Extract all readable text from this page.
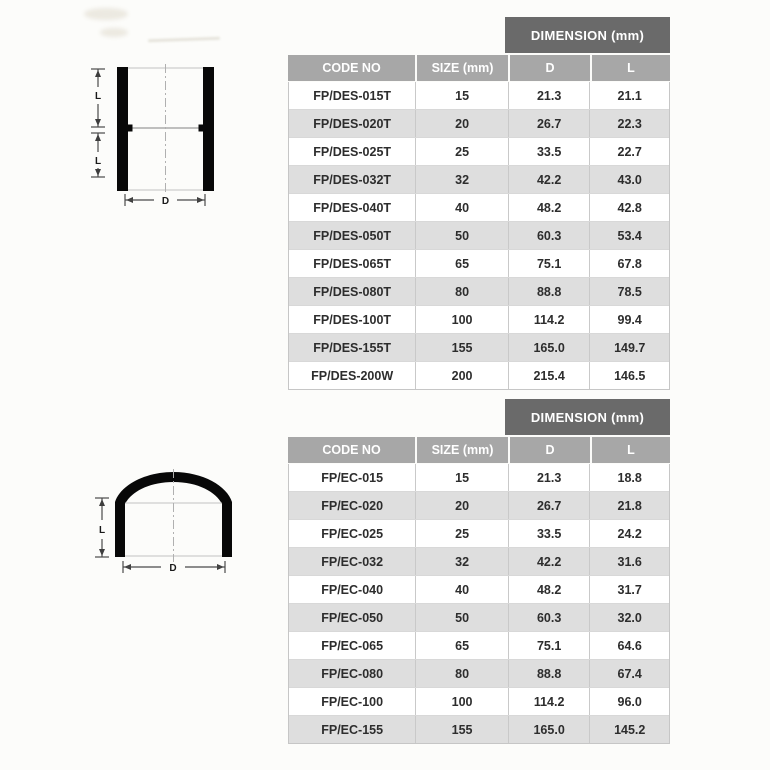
L
L
D
L
D
DIMENSION (mm)
CODE NO	SIZE (mm)	D	L
FP/DES-015T	15	21.3	21.1
FP/DES-020T	20	26.7	22.3
FP/DES-025T	25	33.5	22.7
FP/DES-032T	32	42.2	43.0
FP/DES-040T	40	48.2	42.8
FP/DES-050T	50	60.3	53.4
FP/DES-065T	65	75.1	67.8
FP/DES-080T	80	88.8	78.5
FP/DES-100T	100	114.2	99.4
FP/DES-155T	155	165.0	149.7
FP/DES-200W	200	215.4	146.5
DIMENSION (mm)
CODE NO	SIZE (mm)	D	L
FP/EC-015	15	21.3	18.8
FP/EC-020	20	26.7	21.8
FP/EC-025	25	33.5	24.2
FP/EC-032	32	42.2	31.6
FP/EC-040	40	48.2	31.7
FP/EC-050	50	60.3	32.0
FP/EC-065	65	75.1	64.6
FP/EC-080	80	88.8	67.4
FP/EC-100	100	114.2	96.0
FP/EC-155	155	165.0	145.2
